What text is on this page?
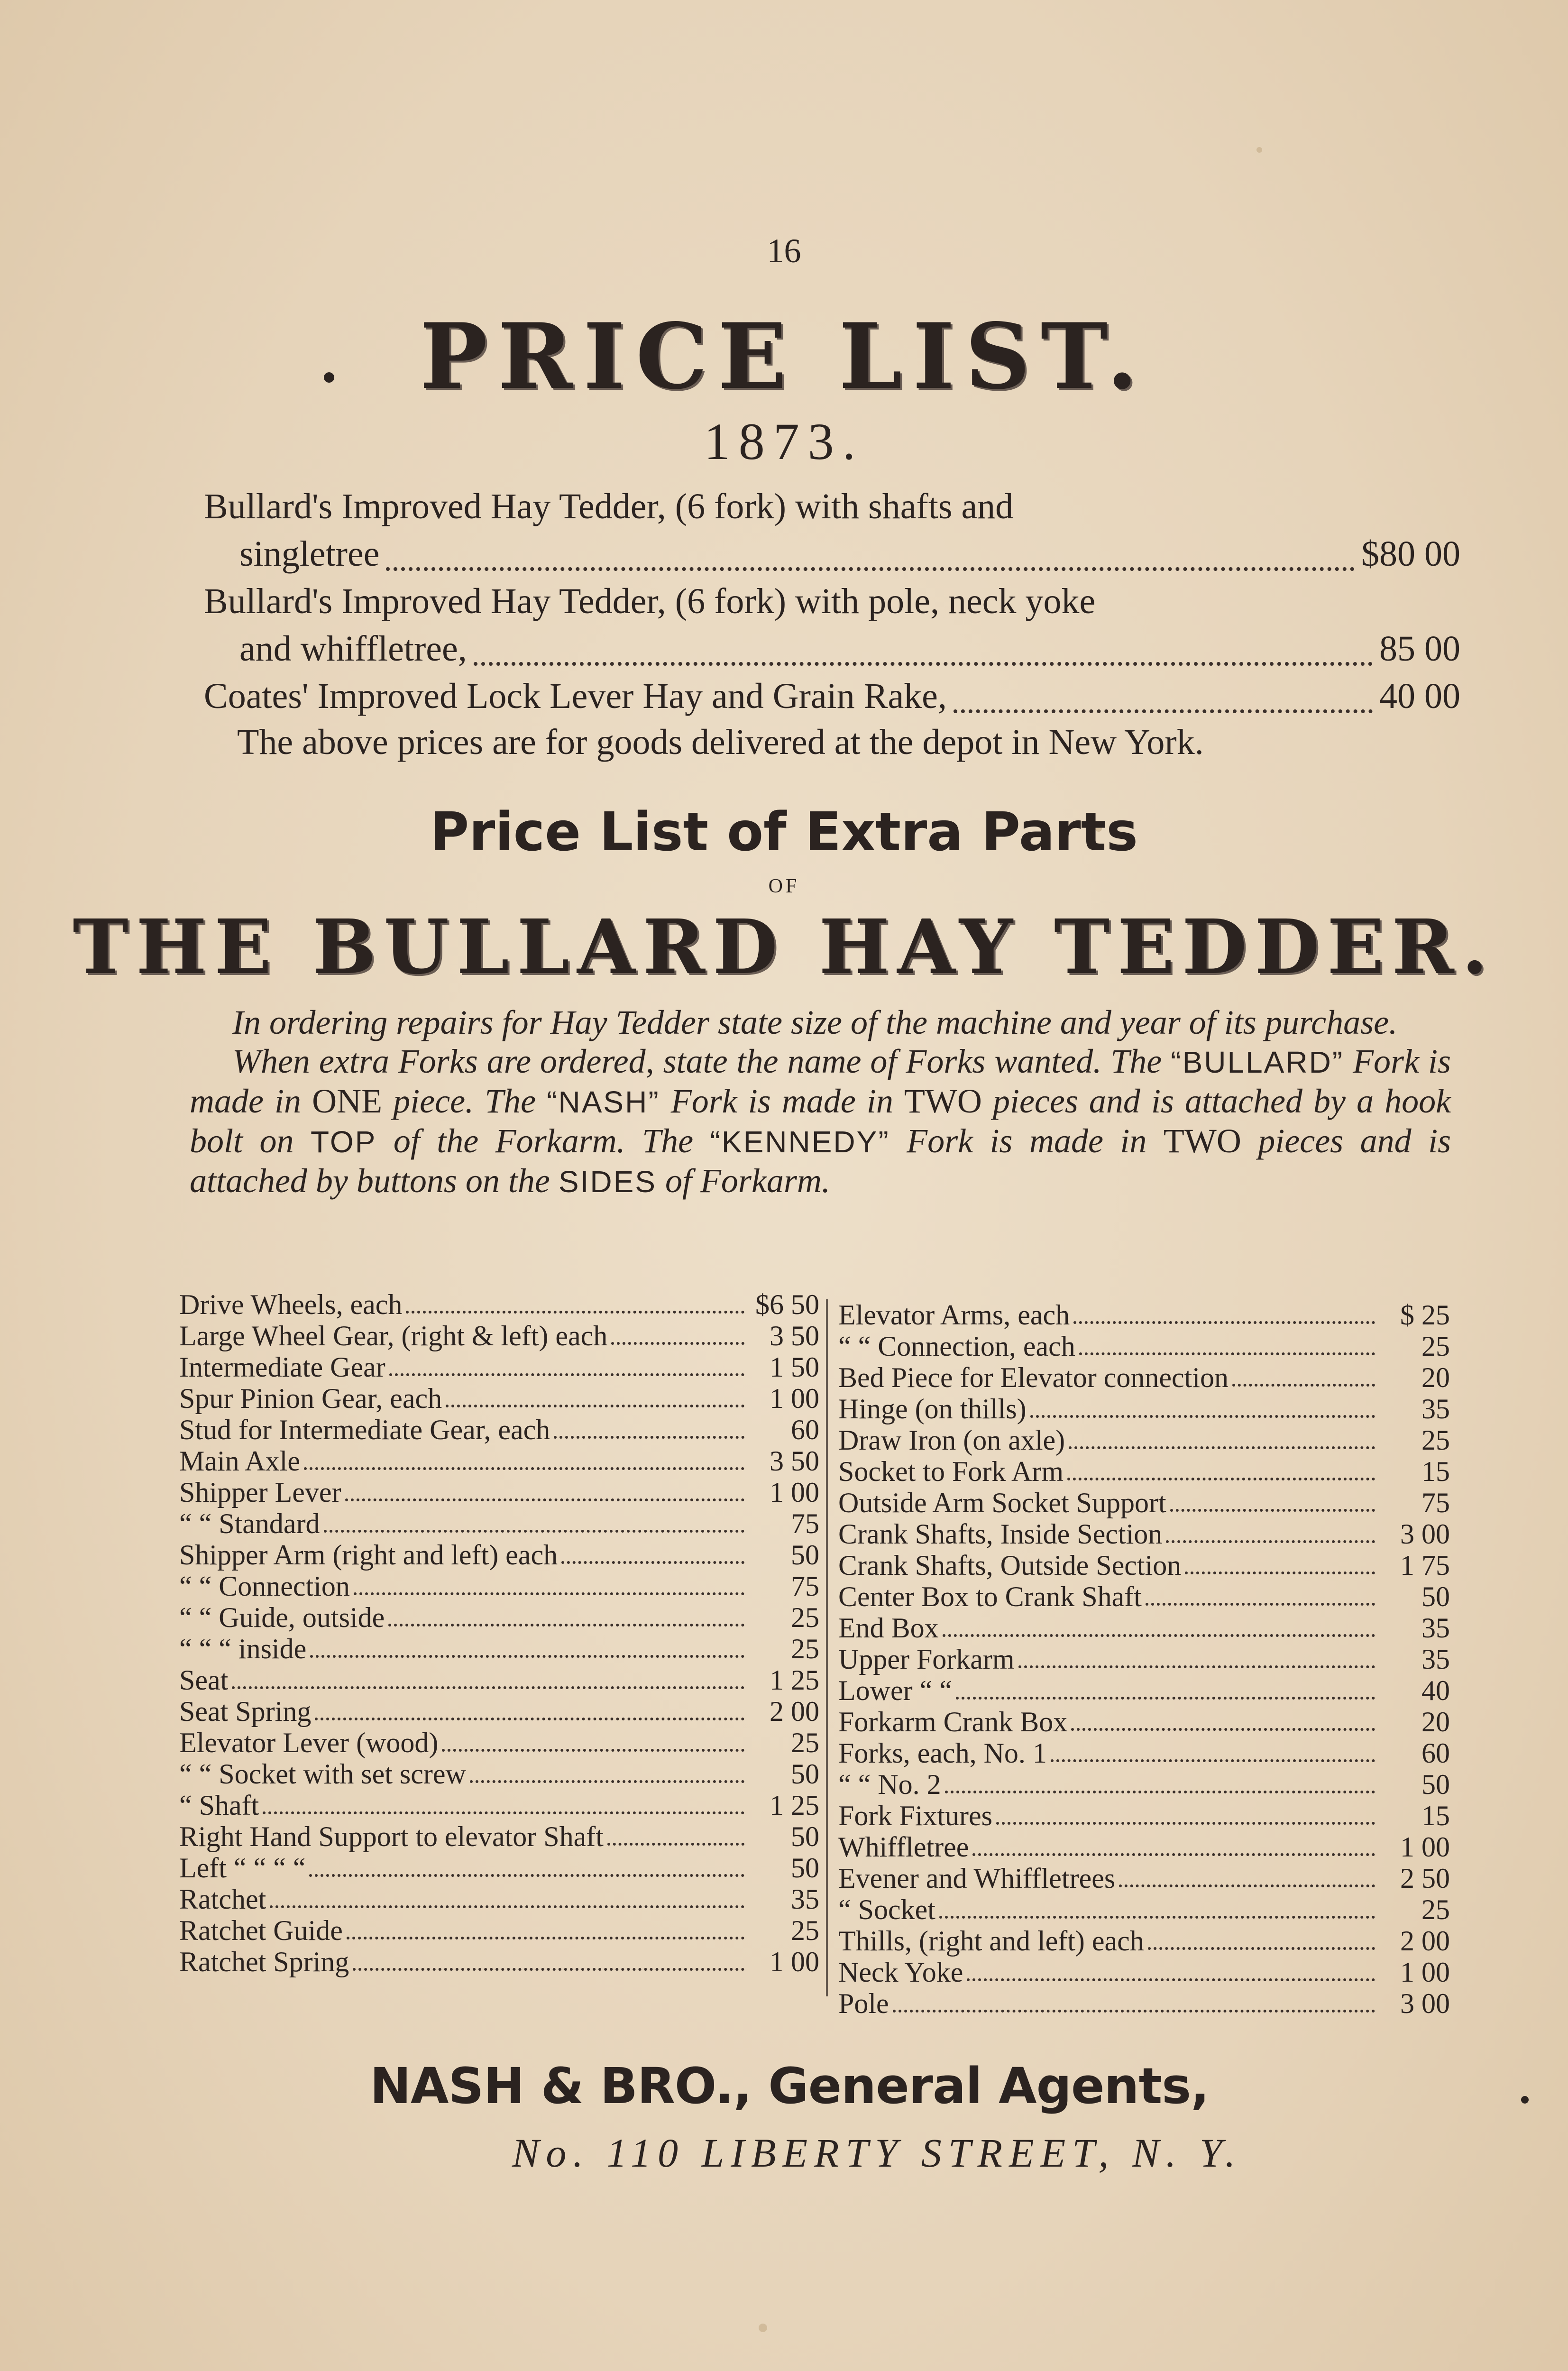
16
PRICE LIST.
1873.
Bullard's Improved Hay Tedder, (6 fork) with shafts and
singletree	$80 00
Bullard's Improved Hay Tedder, (6 fork) with pole, neck yoke
and whiffletree,	85 00
Coates' Improved Lock Lever Hay and Grain Rake,	40 00
The above prices are for goods delivered at the depot in New York.
Price List of Extra Parts
OF
THE BULLARD HAY TEDDER.

In ordering repairs for Hay Tedder state size of the machine and year of its purchase.

When extra Forks are ordered, state the name of Forks wanted. The “BULLARD” Fork is made in ONE piece. The “NASH” Fork is made in TWO pieces and is attached by a hook bolt on TOP of the Forkarm. The “KENNEDY” Fork is made in TWO pieces and is attached by buttons on the SIDES of Forkarm.

Drive Wheels, each	$6 50
Large Wheel Gear, (right & left) each	3 50
Intermediate Gear	1 50
Spur Pinion Gear, each	1 00
Stud for Intermediate Gear, each	60
Main Axle	3 50
Shipper Lever	1 00
“ “ Standard	75
Shipper Arm (right and left) each	50
“ “ Connection	75
“ “ Guide, outside	25
“ “ “ inside	25
Seat	1 25
Seat Spring	2 00
Elevator Lever (wood)	25
“ “ Socket with set screw	50
“ Shaft	1 25
Right Hand Support to elevator Shaft	50
Left “ “ “ “	50
Ratchet	35
Ratchet Guide	25
Ratchet Spring	1 00
Elevator Arms, each	$ 25
“ “ Connection, each	25
Bed Piece for Elevator connection	20
Hinge (on thills)	35
Draw Iron (on axle)	25
Socket to Fork Arm	15
Outside Arm Socket Support	75
Crank Shafts, Inside Section	3 00
Crank Shafts, Outside Section	1 75
Center Box to Crank Shaft	50
End Box	35
Upper Forkarm	35
Lower “ “	40
Forkarm Crank Box	20
Forks, each, No. 1	60
“ “ No. 2	50
Fork Fixtures	15
Whiffletree	1 00
Evener and Whiffletrees	2 50
“ Socket	25
Thills, (right and left) each	2 00
Neck Yoke	1 00
Pole	3 00
NASH & BRO., General Agents,
No. 110 LIBERTY STREET, N. Y.
